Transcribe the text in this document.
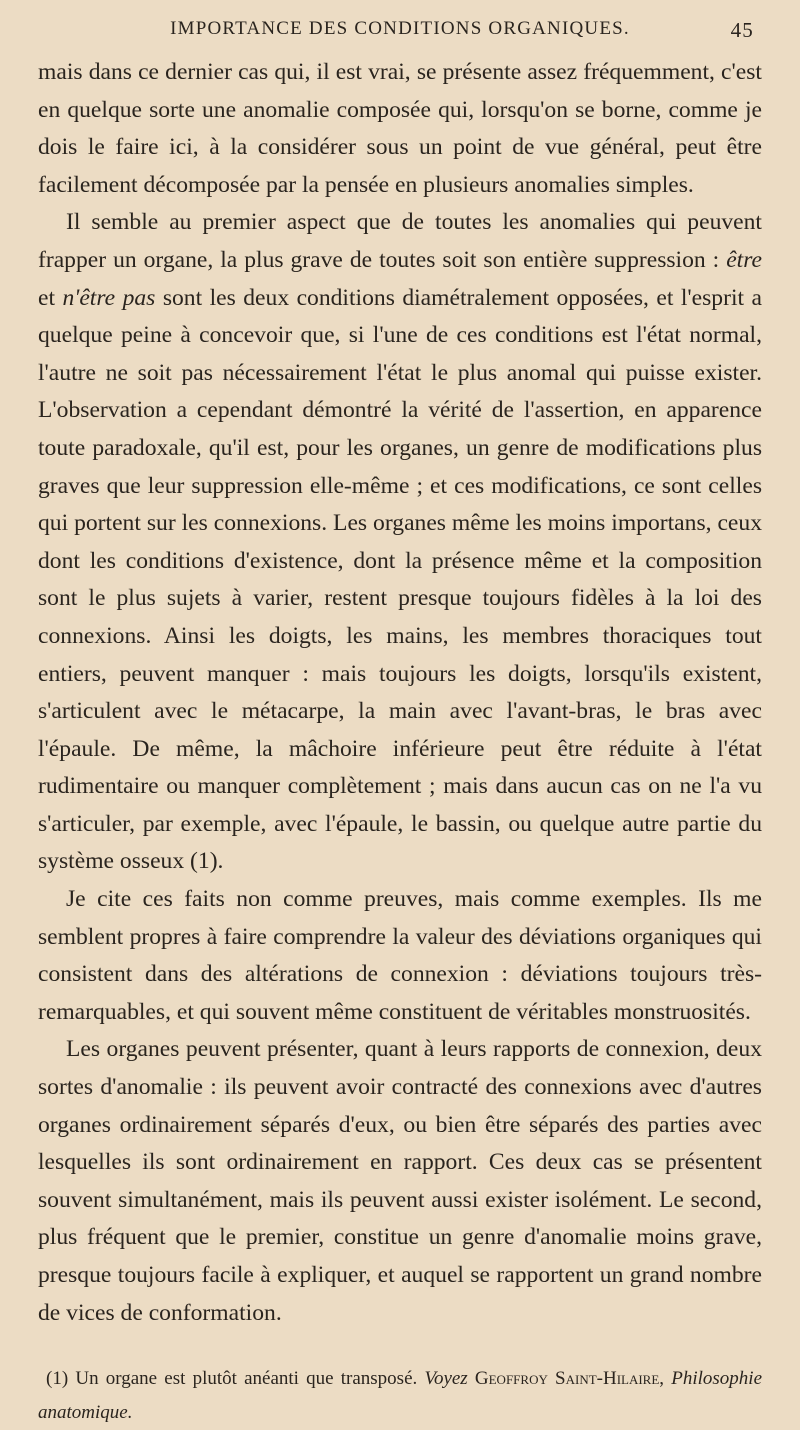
IMPORTANCE DES CONDITIONS ORGANIQUES.	45

mais dans ce dernier cas qui, il est vrai, se présente assez fréquemment, c'est en quelque sorte une anomalie composée qui, lorsqu'on se borne, comme je dois le faire ici, à la considérer sous un point de vue général, peut être facilement décomposée par la pensée en plusieurs anomalies simples.

Il semble au premier aspect que de toutes les anomalies qui peuvent frapper un organe, la plus grave de toutes soit son entière suppression : être et n'être pas sont les deux conditions diamétralement opposées, et l'esprit a quelque peine à concevoir que, si l'une de ces conditions est l'état normal, l'autre ne soit pas nécessairement l'état le plus anomal qui puisse exister. L'observation a cependant démontré la vérité de l'assertion, en apparence toute paradoxale, qu'il est, pour les organes, un genre de modifications plus graves que leur suppression elle-même ; et ces modifications, ce sont celles qui portent sur les connexions. Les organes même les moins importans, ceux dont les conditions d'existence, dont la présence même et la composition sont le plus sujets à varier, restent presque toujours fidèles à la loi des connexions. Ainsi les doigts, les mains, les membres thoraciques tout entiers, peuvent manquer : mais toujours les doigts, lorsqu'ils existent, s'articulent avec le métacarpe, la main avec l'avant-bras, le bras avec l'épaule. De même, la mâchoire inférieure peut être réduite à l'état rudimentaire ou manquer complètement ; mais dans aucun cas on ne l'a vu s'articuler, par exemple, avec l'épaule, le bassin, ou quelque autre partie du système osseux (1).

Je cite ces faits non comme preuves, mais comme exemples. Ils me semblent propres à faire comprendre la valeur des déviations organiques qui consistent dans des altérations de connexion : déviations toujours très-remarquables, et qui souvent même constituent de véritables monstruosités.

Les organes peuvent présenter, quant à leurs rapports de connexion, deux sortes d'anomalie : ils peuvent avoir contracté des connexions avec d'autres organes ordinairement séparés d'eux, ou bien être séparés des parties avec lesquelles ils sont ordinairement en rapport. Ces deux cas se présentent souvent simultanément, mais ils peuvent aussi exister isolément. Le second, plus fréquent que le premier, constitue un genre d'anomalie moins grave, presque toujours facile à expliquer, et auquel se rapportent un grand nombre de vices de conformation.

(1) Un organe est plutôt anéanti que transposé. Voyez Geoffroy Saint-Hilaire, Philosophie anatomique.
